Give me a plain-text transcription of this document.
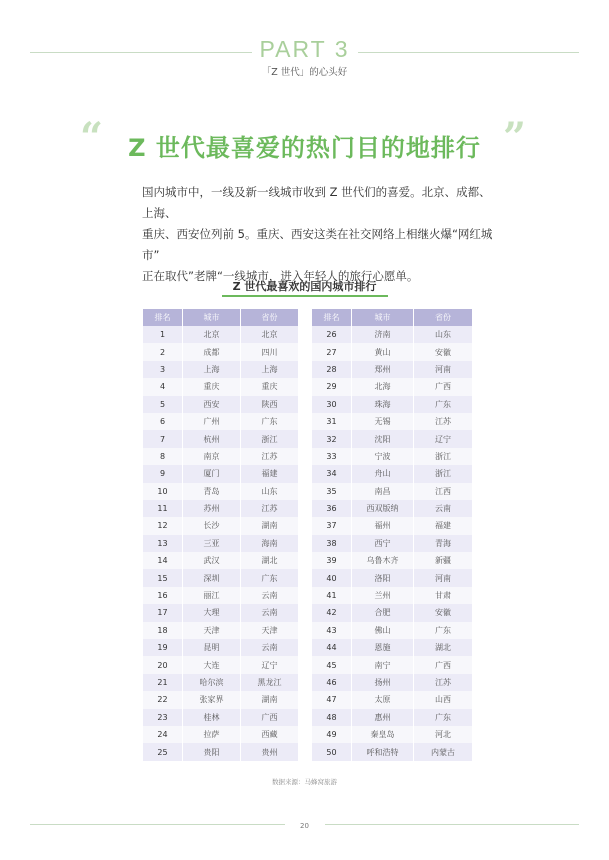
PART 3
「Z 世代」的心头好
“	”
Z 世代最喜爱的热门目的地排行
国内城市中，一线及新一线城市收到 Z 世代们的喜爱。北京、成都、上海、
重庆、西安位列前 5。重庆、西安这类在社交网络上相继火爆“网红城市”
正在取代”老牌“一线城市，进入年轻人的旅行心愿单。
Z 世代最喜欢的国内城市排行
排名	城市	省份
1	北京	北京
2	成都	四川
3	上海	上海
4	重庆	重庆
5	西安	陕西
6	广州	广东
7	杭州	浙江
8	南京	江苏
9	厦门	福建
10	青岛	山东
11	苏州	江苏
12	长沙	湖南
13	三亚	海南
14	武汉	湖北
15	深圳	广东
16	丽江	云南
17	大理	云南
18	天津	天津
19	昆明	云南
20	大连	辽宁
21	哈尔滨	黑龙江
22	张家界	湖南
23	桂林	广西
24	拉萨	西藏
25	贵阳	贵州
排名	城市	省份
26	济南	山东
27	黄山	安徽
28	郑州	河南
29	北海	广西
30	珠海	广东
31	无锡	江苏
32	沈阳	辽宁
33	宁波	浙江
34	舟山	浙江
35	南昌	江西
36	西双版纳	云南
37	福州	福建
38	西宁	青海
39	乌鲁木齐	新疆
40	洛阳	河南
41	兰州	甘肃
42	合肥	安徽
43	佛山	广东
44	恩施	湖北
45	南宁	广西
46	扬州	江苏
47	太原	山西
48	惠州	广东
49	秦皇岛	河北
50	呼和浩特	内蒙古
数据来源：马蜂窝旅游
20
